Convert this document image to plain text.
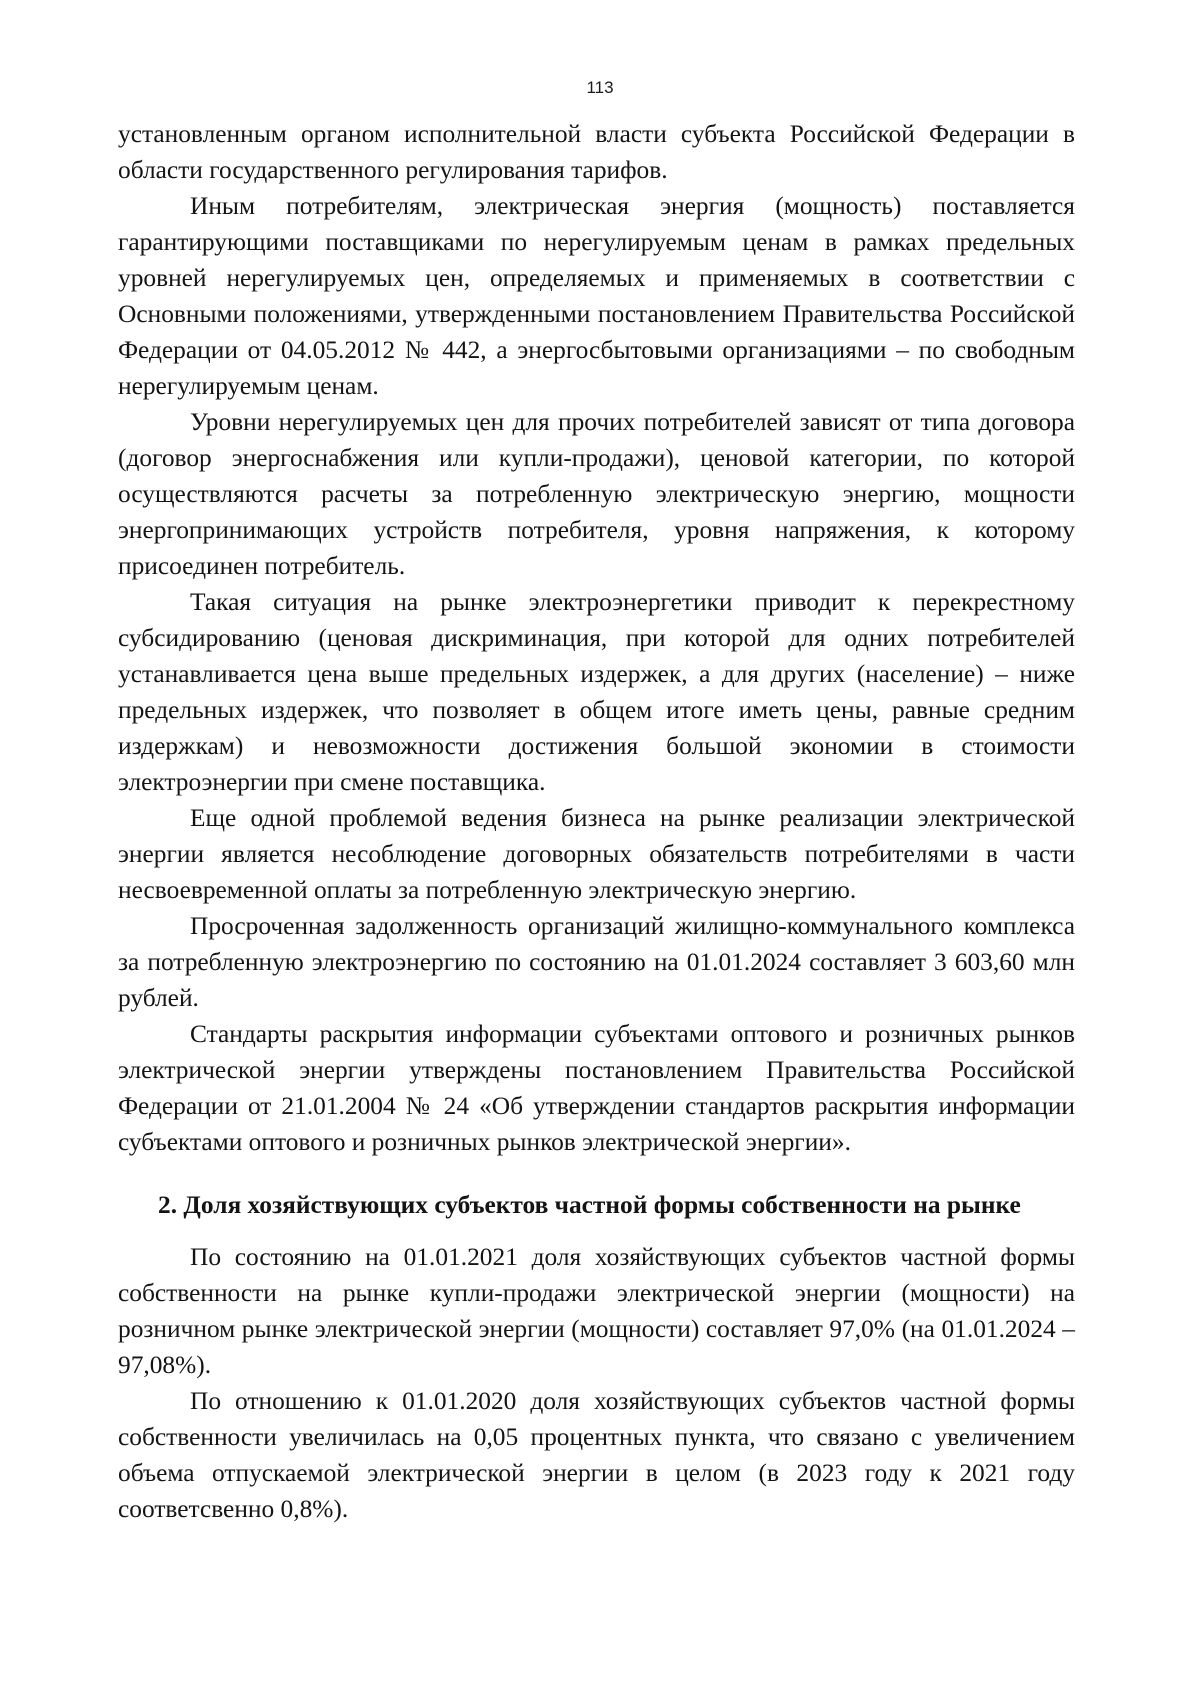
113

установленным органом исполнительной власти субъекта Российской Федерации в области государственного регулирования тарифов.

Иным потребителям, электрическая энергия (мощность) поставляется гарантирующими поставщиками по нерегулируемым ценам в рамках предельных уровней нерегулируемых цен, определяемых и применяемых в соответствии с Основными положениями, утвержденными постановлением Правительства Российской Федерации от 04.05.2012 № 442, а энергосбытовыми организациями – по свободным нерегулируемым ценам.

Уровни нерегулируемых цен для прочих потребителей зависят от типа договора (договор энергоснабжения или купли-продажи), ценовой категории, по которой осуществляются расчеты за потребленную электрическую энергию, мощности энергопринимающих устройств потребителя, уровня напряжения, к которому присоединен потребитель.

Такая ситуация на рынке электроэнергетики приводит к перекрестному субсидированию (ценовая дискриминация, при которой для одних потребителей устанавливается цена выше предельных издержек, а для других (население) – ниже предельных издержек, что позволяет в общем итоге иметь цены, равные средним издержкам) и невозможности достижения большой экономии в стоимости электроэнергии при смене поставщика.

Еще одной проблемой ведения бизнеса на рынке реализации электрической энергии является несоблюдение договорных обязательств потребителями в части несвоевременной оплаты за потребленную электрическую энергию.

Просроченная задолженность организаций жилищно-коммунального комплекса за потребленную электроэнергию по состоянию на 01.01.2024 составляет 3 603,60 млн рублей.

Стандарты раскрытия информации субъектами оптового и розничных рынков электрической энергии утверждены постановлением Правительства Российской Федерации от 21.01.2004 № 24 «Об утверждении стандартов раскрытия информации субъектами оптового и розничных рынков электрической энергии».

2. Доля хозяйствующих субъектов частной формы собственности на рынке

По состоянию на 01.01.2021 доля хозяйствующих субъектов частной формы собственности на рынке купли-продажи электрической энергии (мощности) на розничном рынке электрической энергии (мощности) составляет 97,0% (на 01.01.2024 – 97,08%).

По отношению к 01.01.2020 доля хозяйствующих субъектов частной формы собственности увеличилась на 0,05 процентных пункта, что связано с увеличением объема отпускаемой электрической энергии в целом (в 2023 году к 2021 году соответсвенно 0,8%).
